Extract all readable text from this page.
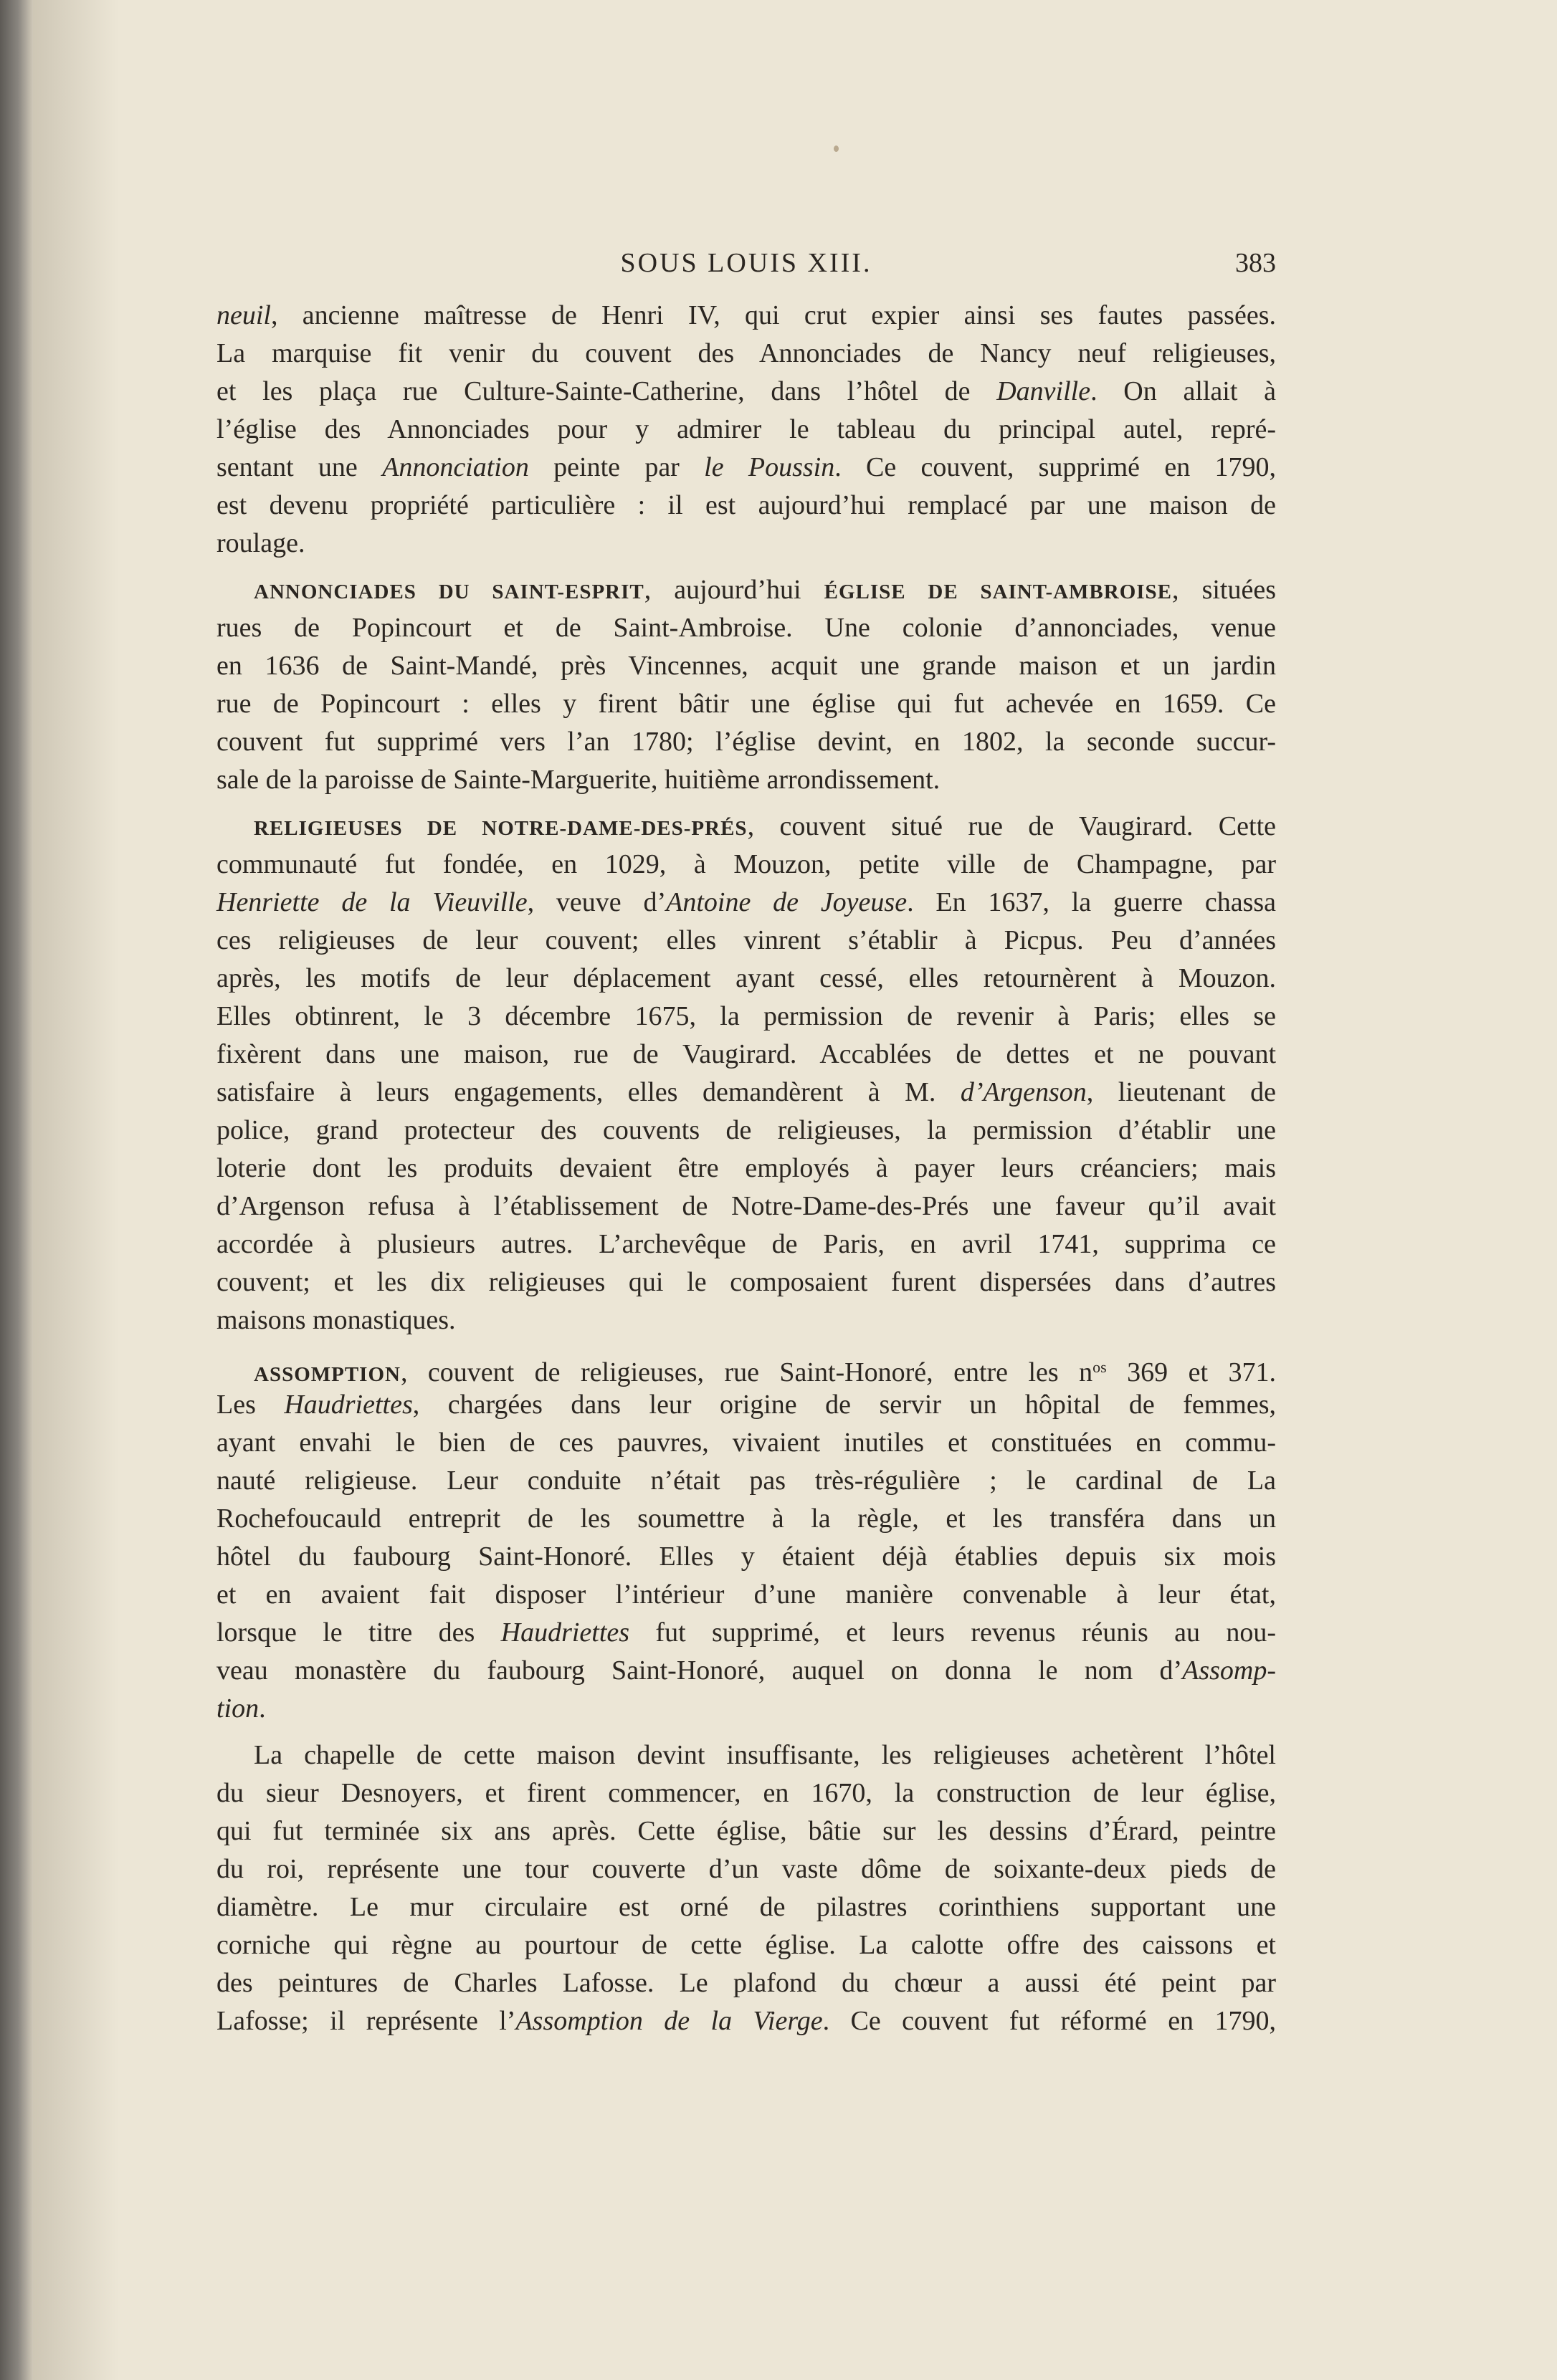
SOUS LOUIS XIII.	383
neuil, ancienne maîtresse de Henri IV, qui crut expier ainsi ses fautes passées.
La marquise fit venir du couvent des Annonciades de Nancy neuf religieuses,
et les plaça rue Culture-Sainte-Catherine, dans l’hôtel de Danville. On allait à
l’église des Annonciades pour y admirer le tableau du principal autel, repré-
sentant une Annonciation peinte par le Poussin. Ce couvent, supprimé en 1790,
est devenu propriété particulière : il est aujourd’hui remplacé par une maison de
roulage.
ANNONCIADES DU SAINT-ESPRIT, aujourd’hui ÉGLISE DE SAINT-AMBROISE, situées
rues de Popincourt et de Saint-Ambroise. Une colonie d’annonciades, venue
en 1636 de Saint-Mandé, près Vincennes, acquit une grande maison et un jardin
rue de Popincourt : elles y firent bâtir une église qui fut achevée en 1659. Ce
couvent fut supprimé vers l’an 1780; l’église devint, en 1802, la seconde succur-
sale de la paroisse de Sainte-Marguerite, huitième arrondissement.
RELIGIEUSES DE NOTRE-DAME-DES-PRÉS, couvent situé rue de Vaugirard. Cette
communauté fut fondée, en 1029, à Mouzon, petite ville de Champagne, par
Henriette de la Vieuville, veuve d’Antoine de Joyeuse. En 1637, la guerre chassa
ces religieuses de leur couvent; elles vinrent s’établir à Picpus. Peu d’années
après, les motifs de leur déplacement ayant cessé, elles retournèrent à Mouzon.
Elles obtinrent, le 3 décembre 1675, la permission de revenir à Paris; elles se
fixèrent dans une maison, rue de Vaugirard. Accablées de dettes et ne pouvant
satisfaire à leurs engagements, elles demandèrent à M. d’Argenson, lieutenant de
police, grand protecteur des couvents de religieuses, la permission d’établir une
loterie dont les produits devaient être employés à payer leurs créanciers; mais
d’Argenson refusa à l’établissement de Notre-Dame-des-Prés une faveur qu’il avait
accordée à plusieurs autres. L’archevêque de Paris, en avril 1741, supprima ce
couvent; et les dix religieuses qui le composaient furent dispersées dans d’autres
maisons monastiques.
ASSOMPTION, couvent de religieuses, rue Saint-Honoré, entre les $n^{os}$ 369 et 371.
Les Haudriettes, chargées dans leur origine de servir un hôpital de femmes,
ayant envahi le bien de ces pauvres, vivaient inutiles et constituées en commu-
nauté religieuse. Leur conduite n’était pas très-régulière ; le cardinal de La
Rochefoucauld entreprit de les soumettre à la règle, et les transféra dans un
hôtel du faubourg Saint-Honoré. Elles y étaient déjà établies depuis six mois
et en avaient fait disposer l’intérieur d’une manière convenable à leur état,
lorsque le titre des Haudriettes fut supprimé, et leurs revenus réunis au nou-
veau monastère du faubourg Saint-Honoré, auquel on donna le nom d’Assomp-
tion.
La chapelle de cette maison devint insuffisante, les religieuses achetèrent l’hôtel
du sieur Desnoyers, et firent commencer, en 1670, la construction de leur église,
qui fut terminée six ans après. Cette église, bâtie sur les dessins d’Érard, peintre
du roi, représente une tour couverte d’un vaste dôme de soixante-deux pieds de
diamètre. Le mur circulaire est orné de pilastres corinthiens supportant une
corniche qui règne au pourtour de cette église. La calotte offre des caissons et
des peintures de Charles Lafosse. Le plafond du chœur a aussi été peint par
Lafosse; il représente l’Assomption de la Vierge. Ce couvent fut réformé en 1790,
